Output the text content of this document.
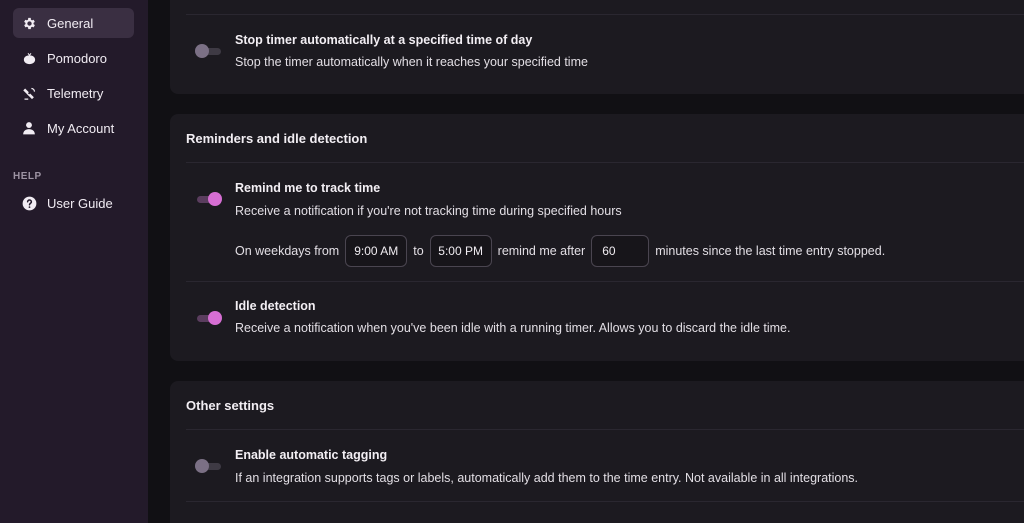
General
Pomodoro
Telemetry
My Account
HELP
User Guide
Stop timer automatically at a specified time of day
Stop the timer automatically when it reaches your specified time
Reminders and idle detection
Remind me to track time
Receive a notification if you're not tracking time during specified hours
On weekdays from	9:00 AM	to	5:00 PM	remind me after	60	minutes since the last time entry stopped.
Idle detection
Receive a notification when you've been idle with a running timer. Allows you to discard the idle time.
Other settings
Enable automatic tagging
If an integration supports tags or labels, automatically add them to the time entry. Not available in all integrations.
